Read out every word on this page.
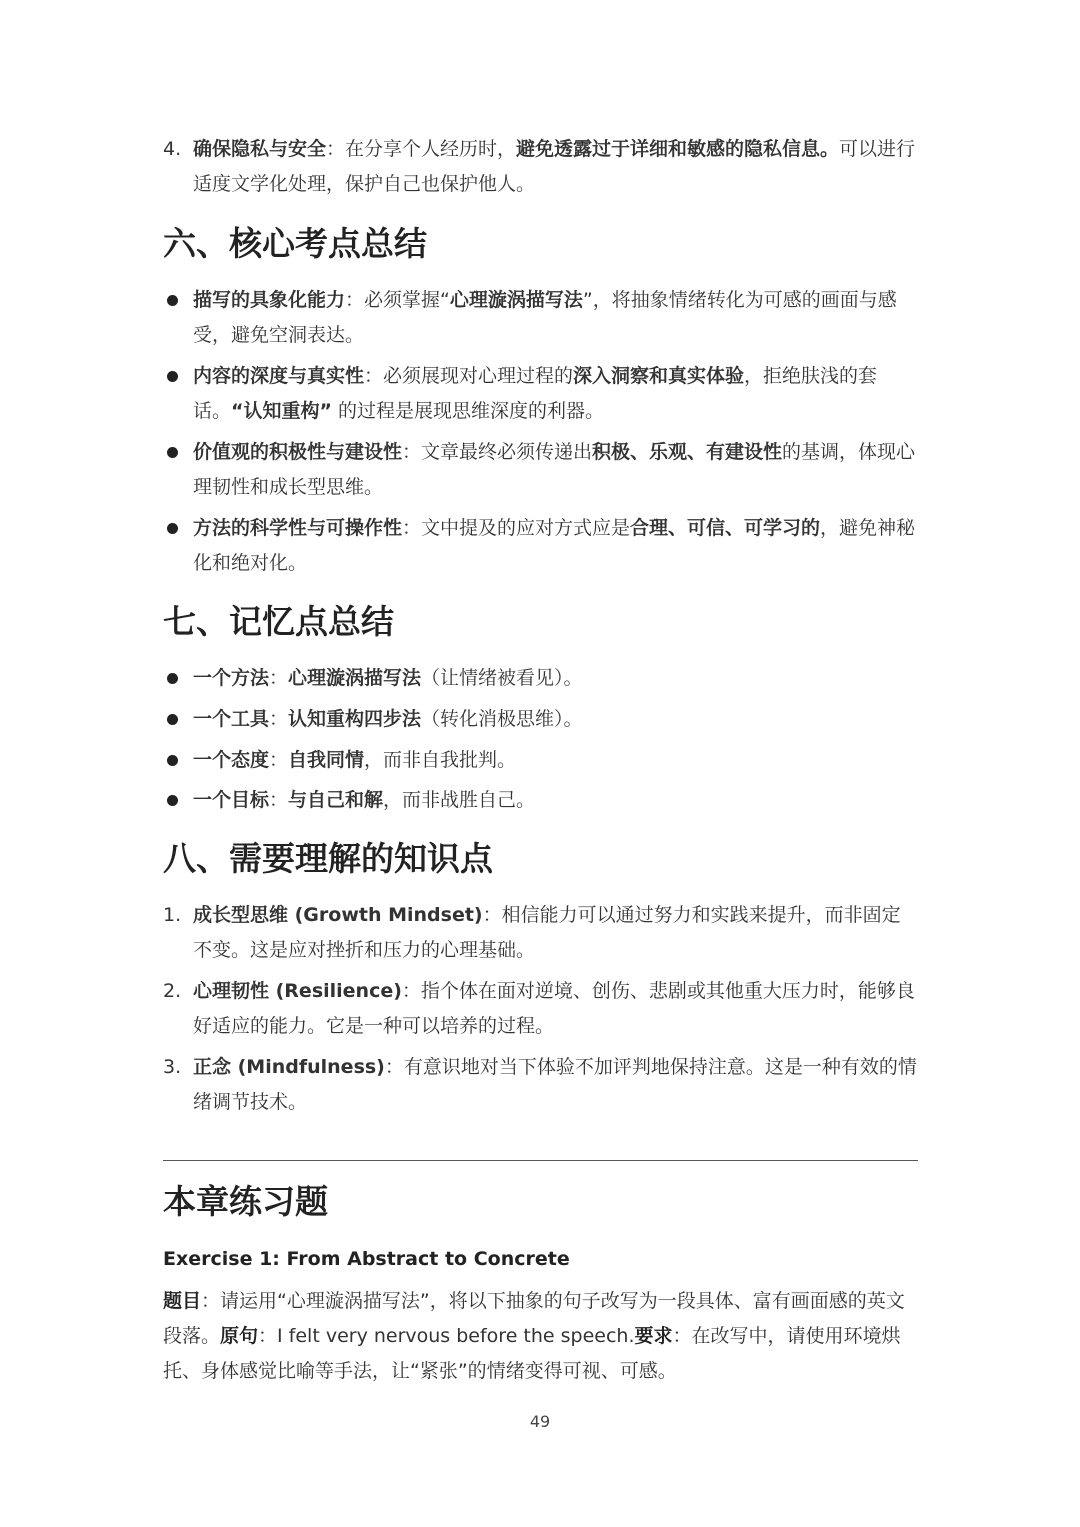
4. 确保隐私与安全：在分享个人经历时，避免透露过于详细和敏感的隐私信息。可以进行适度文学化处理，保护自己也保护他人。
六、核心考点总结
描写的具象化能力：必须掌握“心理漩涡描写法”，将抽象情绪转化为可感的画面与感受，避免空洞表达。
内容的深度与真实性：必须展现对心理过程的深入洞察和真实体验，拒绝肤浅的套话。“认知重构” 的过程是展现思维深度的利器。
价值观的积极性与建设性：文章最终必须传递出积极、乐观、有建设性的基调，体现心理韧性和成长型思维。
方法的科学性与可操作性：文中提及的应对方式应是合理、可信、可学习的，避免神秘化和绝对化。
七、记忆点总结
一个方法：心理漩涡描写法（让情绪被看见）。
一个工具：认知重构四步法（转化消极思维）。
一个态度：自我同情，而非自我批判。
一个目标：与自己和解，而非战胜自己。
八、需要理解的知识点
1. 成长型思维 (Growth Mindset)：相信能力可以通过努力和实践来提升，而非固定不变。这是应对挫折和压力的心理基础。
2. 心理韧性 (Resilience)：指个体在面对逆境、创伤、悲剧或其他重大压力时，能够良好适应的能力。它是一种可以培养的过程。
3. 正念 (Mindfulness)：有意识地对当下体验不加评判地保持注意。这是一种有效的情绪调节技术。
本章练习题
Exercise 1: From Abstract to Concrete
题目：请运用“心理漩涡描写法”，将以下抽象的句子改写为一段具体、富有画面感的英文段落。原句：I felt very nervous before the speech.要求：在改写中，请使用环境烘托、身体感觉比喻等手法，让“紧张”的情绪变得可视、可感。
49
